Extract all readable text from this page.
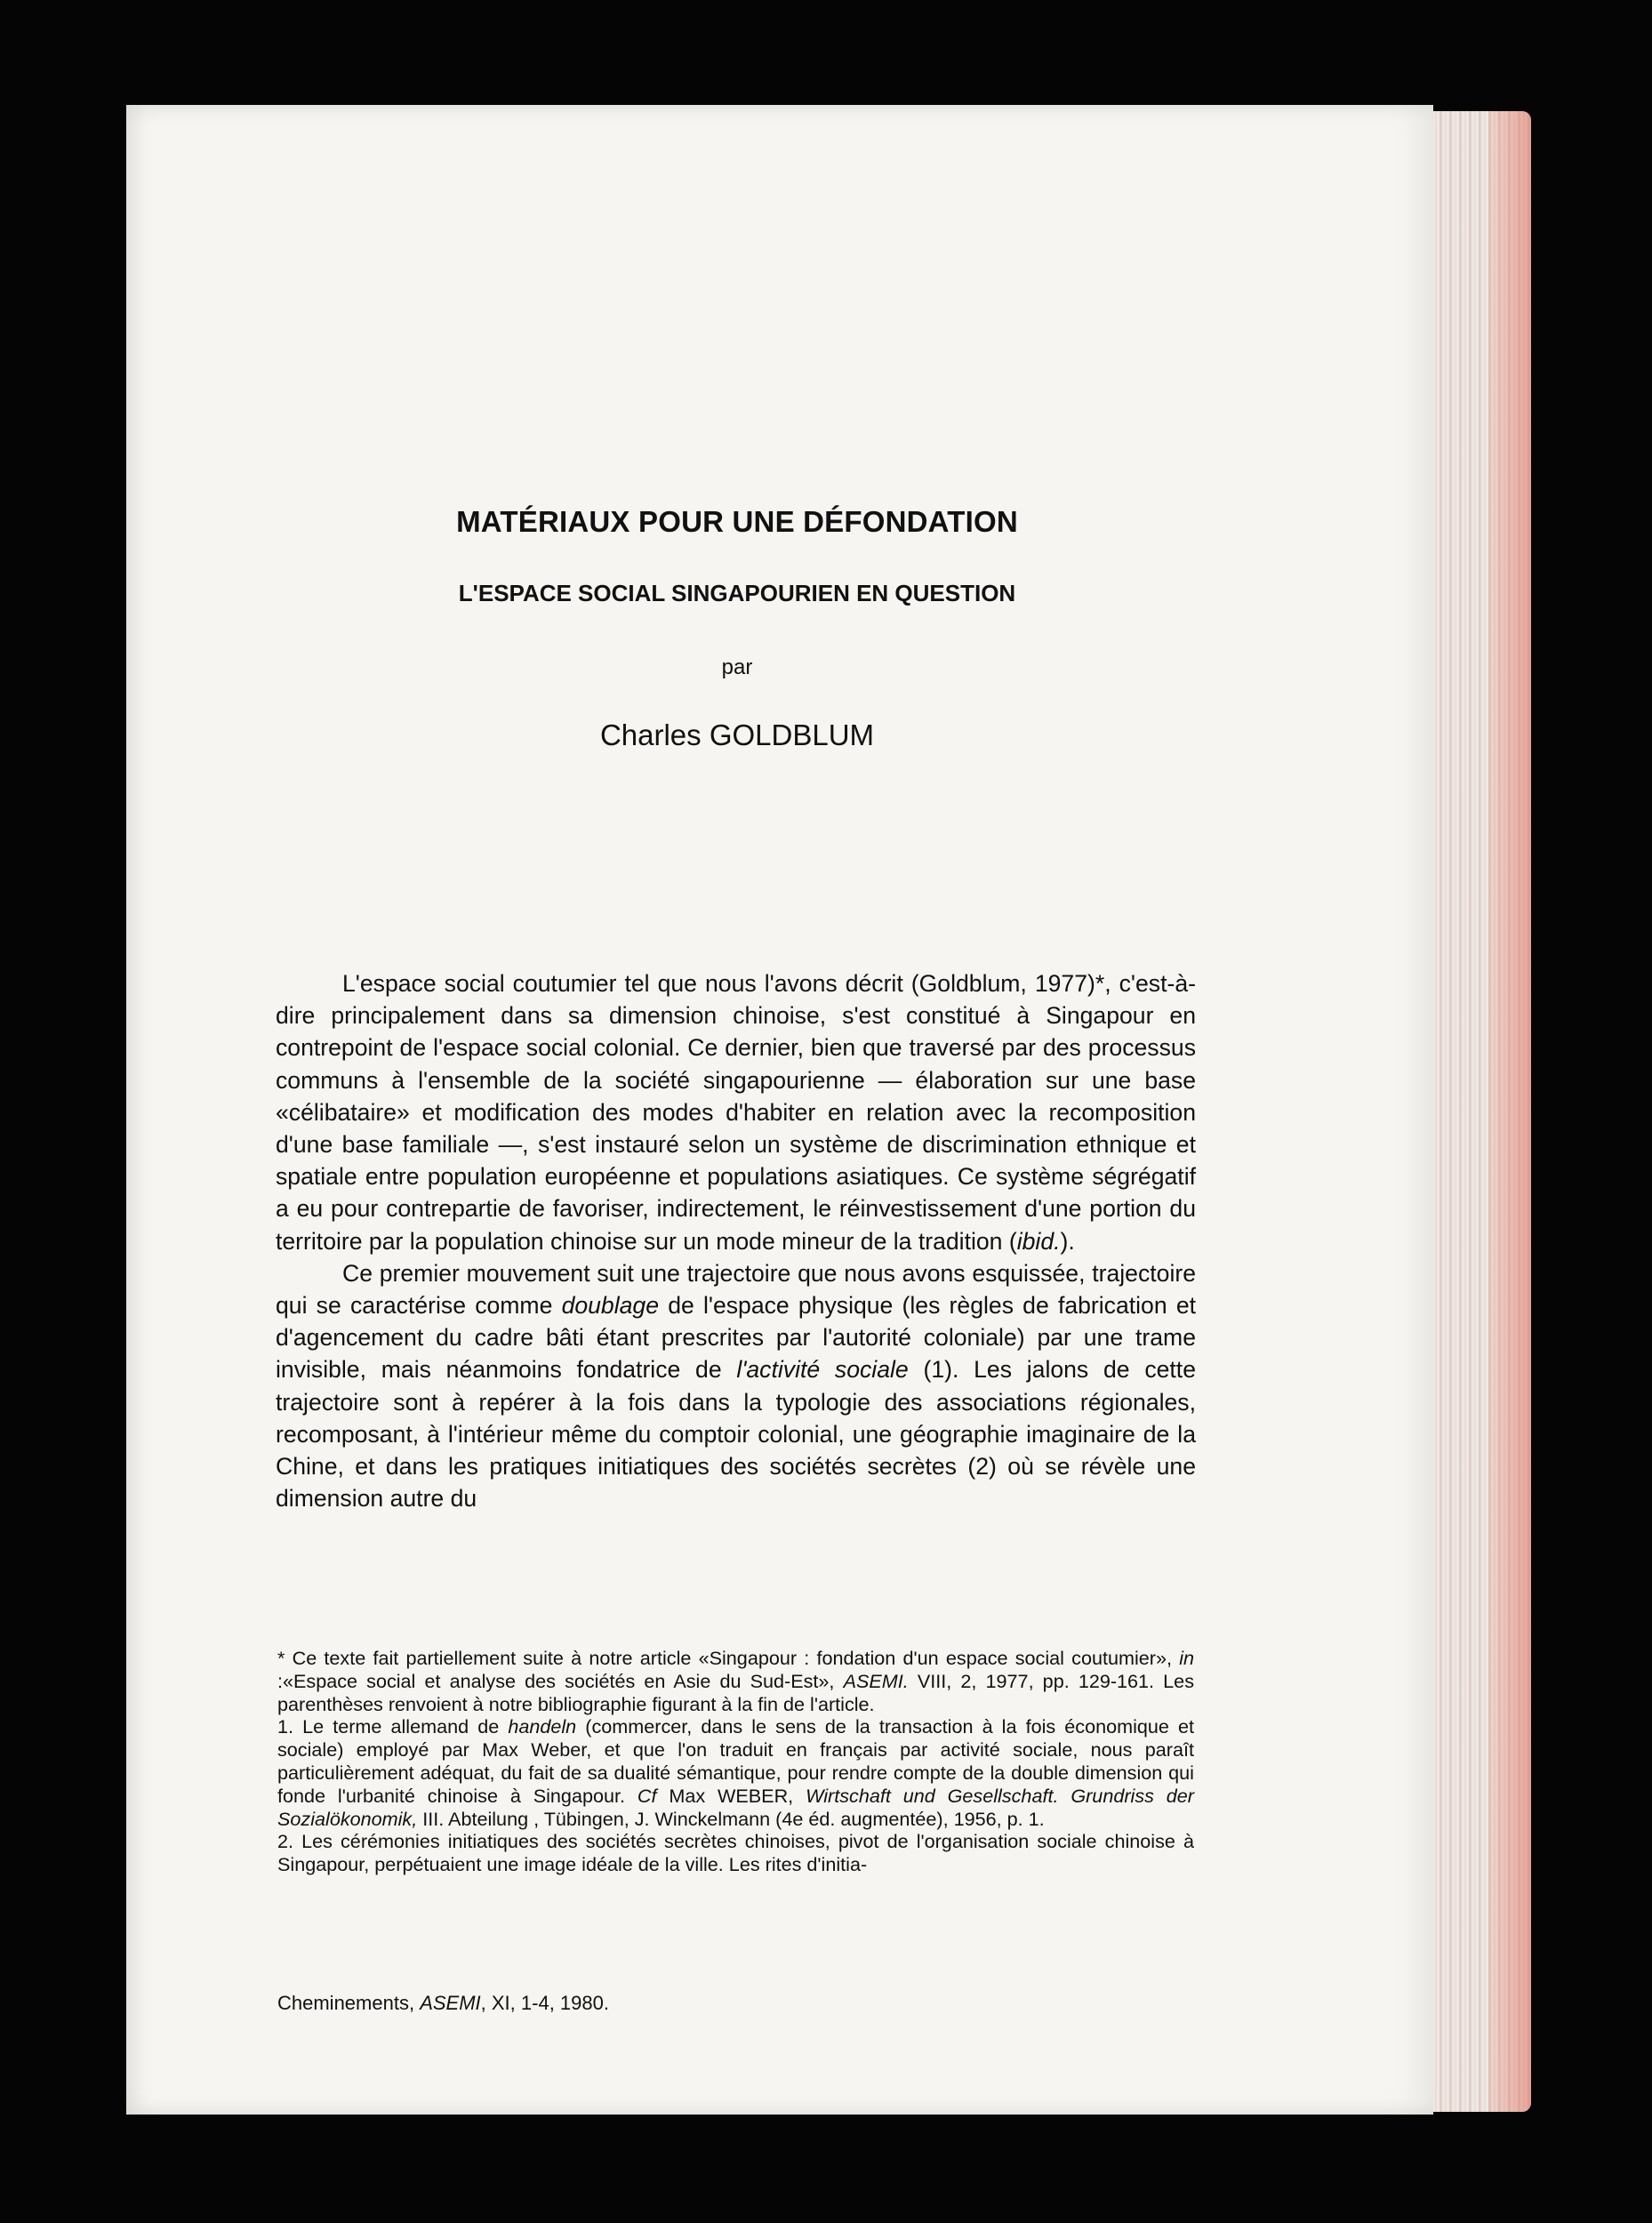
MATÉRIAUX POUR UNE DÉFONDATION
L'ESPACE SOCIAL SINGAPOURIEN EN QUESTION
par
Charles GOLDBLUM

L'espace social coutumier tel que nous l'avons décrit (Goldblum, 1977)*, c'est-à-dire principalement dans sa dimension chinoise, s'est constitué à Singapour en contrepoint de l'espace social colonial. Ce dernier, bien que traversé par des processus communs à l'ensemble de la société singapourienne — élaboration sur une base «célibataire» et modification des modes d'habiter en relation avec la recomposition d'une base familiale —, s'est instauré selon un système de discrimination ethnique et spatiale entre population européenne et populations asiatiques. Ce système ségrégatif a eu pour contrepartie de favoriser, indirectement, le réinvestissement d'une portion du territoire par la population chinoise sur un mode mineur de la tradition (ibid.).

Ce premier mouvement suit une trajectoire que nous avons esquissée, trajectoire qui se caractérise comme doublage de l'espace physique (les règles de fabrication et d'agencement du cadre bâti étant prescrites par l'autorité coloniale) par une trame invisible, mais néanmoins fondatrice de l'activité sociale (1). Les jalons de cette trajectoire sont à repérer à la fois dans la typologie des associations régionales, recomposant, à l'intérieur même du comptoir colonial, une géographie imaginaire de la Chine, et dans les pratiques initiatiques des sociétés secrètes (2) où se révèle une dimension autre du

* Ce texte fait partiellement suite à notre article «Singapour : fondation d'un espace social coutumier», in :«Espace social et analyse des sociétés en Asie du Sud-Est», ASEMI. VIII, 2, 1977, pp. 129-161. Les parenthèses renvoient à notre bibliographie figurant à la fin de l'article.

1. Le terme allemand de handeln (commercer, dans le sens de la transaction à la fois économique et sociale) employé par Max Weber, et que l'on traduit en français par activité sociale, nous paraît particulièrement adéquat, du fait de sa dualité sémantique, pour rendre compte de la double dimension qui fonde l'urbanité chinoise à Singapour. Cf Max WEBER, Wirtschaft und Gesellschaft. Grundriss der Sozialökonomik, III. Abteilung , Tübingen, J. Winckelmann (4e éd. augmentée), 1956, p. 1.

2. Les cérémonies initiatiques des sociétés secrètes chinoises, pivot de l'organisation sociale chinoise à Singapour, perpétuaient une image idéale de la ville. Les rites d'initia-

Cheminements, ASEMI, XI, 1-4, 1980.
